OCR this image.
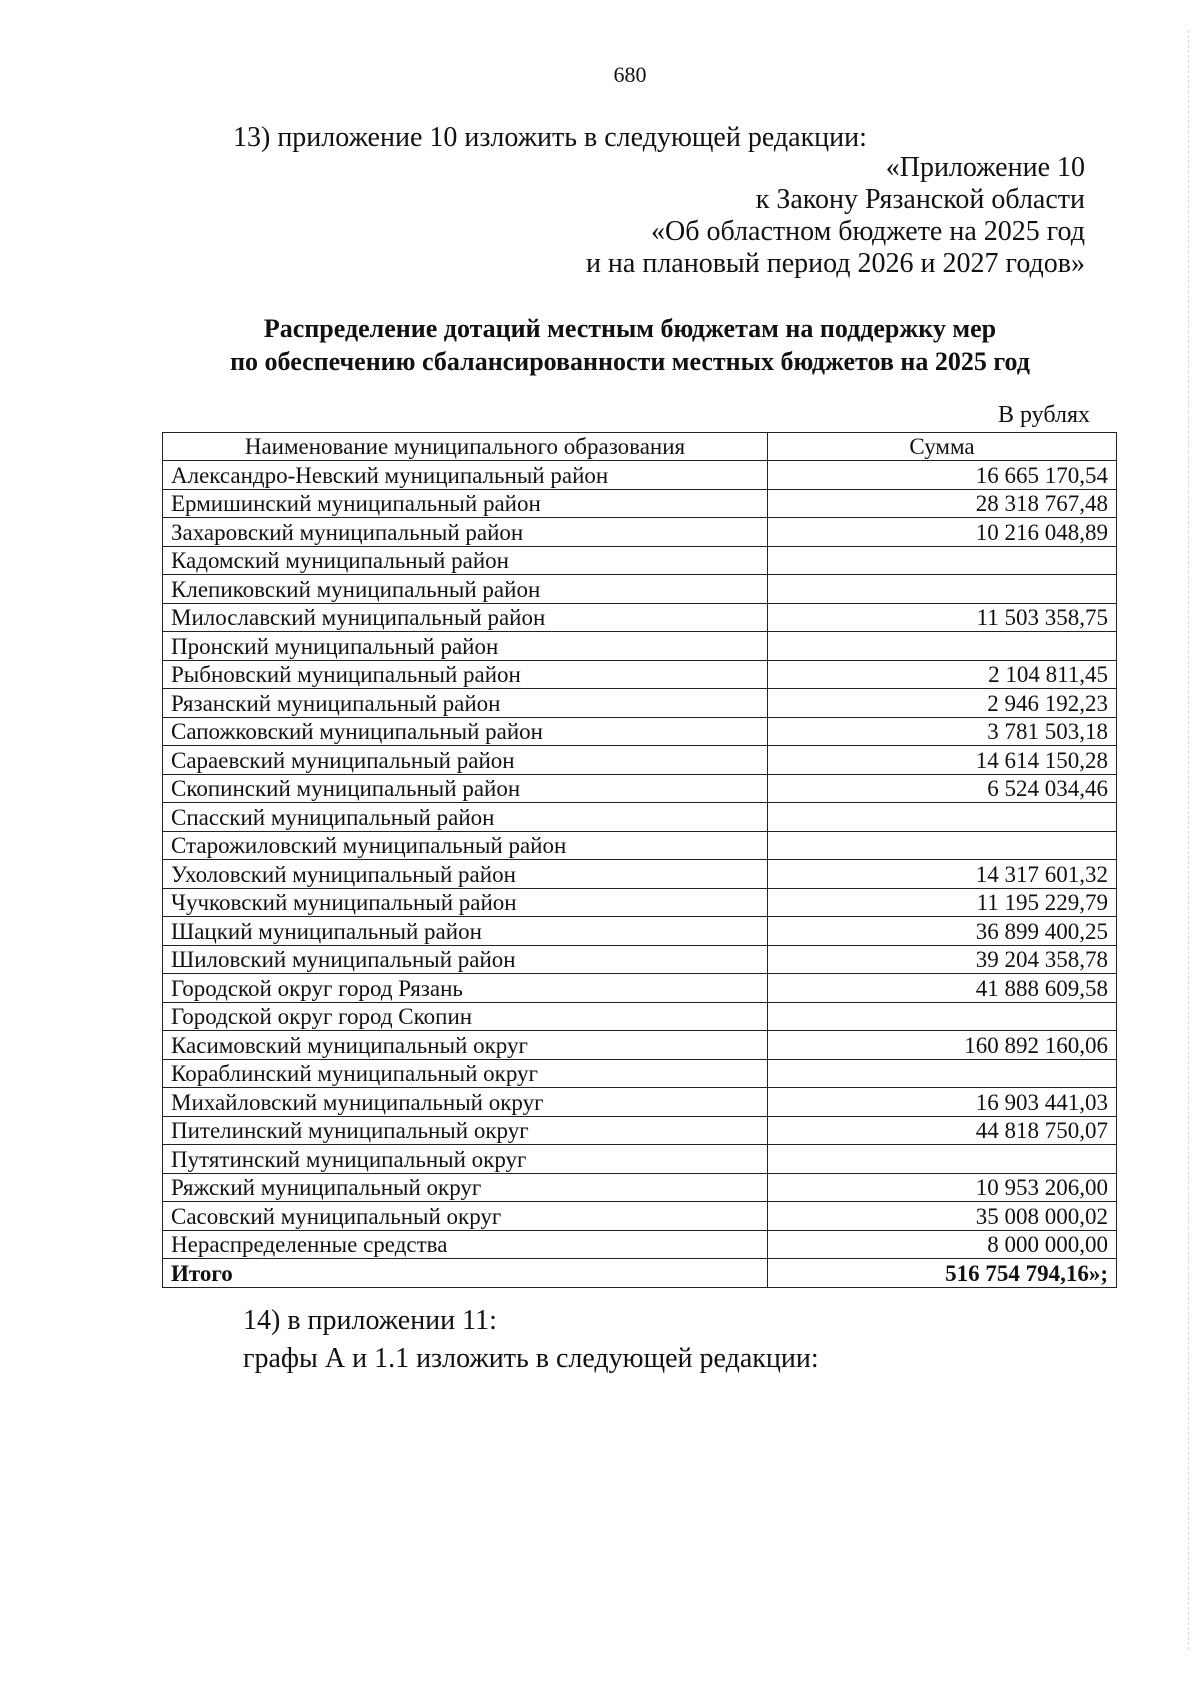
680
13) приложение 10 изложить в следующей редакции:
«Приложение 10
к Закону Рязанской области
«Об областном бюджете на 2025 год
и на плановый период 2026 и 2027 годов»
Распределение дотаций местным бюджетам на поддержку мер
по обеспечению сбалансированности местных бюджетов на 2025 год
В рублях
Наименование муниципального образования	Сумма
Александро-Невский муниципальный район	16 665 170,54
Ермишинский муниципальный район	28 318 767,48
Захаровский муниципальный район	10 216 048,89
Кадомский муниципальный район	
Клепиковский муниципальный район	
Милославский муниципальный район	11 503 358,75
Пронский муниципальный район	
Рыбновский муниципальный район	2 104 811,45
Рязанский муниципальный район	2 946 192,23
Сапожковский муниципальный район	3 781 503,18
Сараевский муниципальный район	14 614 150,28
Скопинский муниципальный район	6 524 034,46
Спасский муниципальный район	
Старожиловский муниципальный район	
Ухоловский муниципальный район	14 317 601,32
Чучковский муниципальный район	11 195 229,79
Шацкий муниципальный район	36 899 400,25
Шиловский муниципальный район	39 204 358,78
Городской округ город Рязань	41 888 609,58
Городской округ город Скопин	
Касимовский муниципальный округ	160 892 160,06
Кораблинский муниципальный округ	
Михайловский муниципальный округ	16 903 441,03
Пителинский муниципальный округ	44 818 750,07
Путятинский муниципальный округ	
Ряжский муниципальный округ	10 953 206,00
Сасовский муниципальный округ	35 008 000,02
Нераспределенные средства	8 000 000,00
Итого	516 754 794,16»;
14) в приложении 11:
графы А и 1.1 изложить в следующей редакции:
